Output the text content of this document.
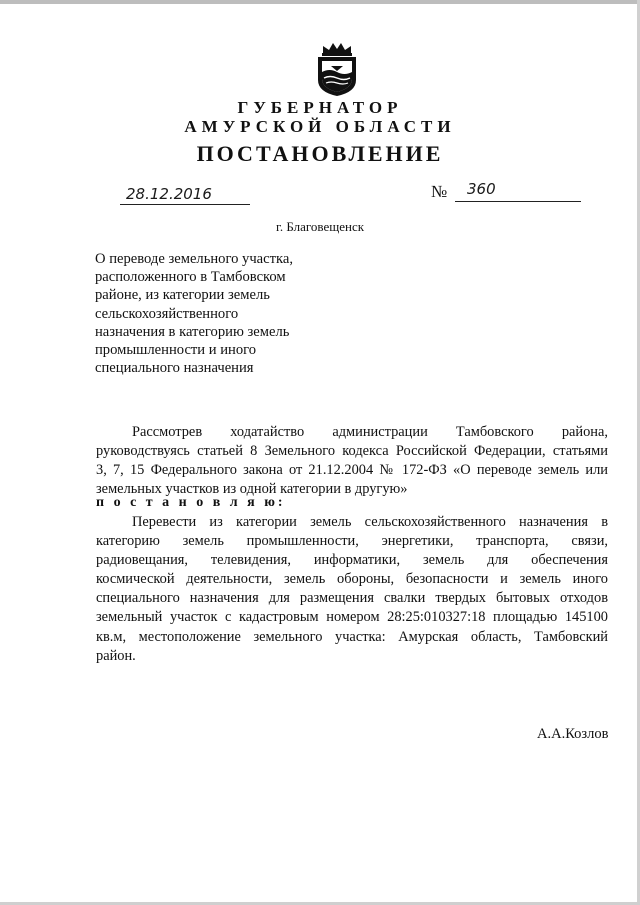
ГУБЕРНАТОР
АМУРСКОЙ ОБЛАСТИ
ПОСТАНОВЛЕНИЕ
28.12.2016	№ 360
г. Благовещенск
О переводе земельного участка,
расположенного в Тамбовском
районе, из категории земель
сельскохозяйственного
назначения в категорию земель
промышленности и иного
специального назначения
Рассмотрев ходатайство администрации Тамбовского района,
руководствуясь статьей 8 Земельного кодекса Российской Федерации, статьями
3, 7, 15 Федерального закона от 21.12.2004 № 172-ФЗ «О переводе земель или
земельных участков из одной категории в другую»
п о с т а н о в л я ю:
Перевести из категории земель сельскохозяйственного назначения в
категорию земель промышленности, энергетики, транспорта, связи,
радиовещания, телевидения, информатики, земель для обеспечения
космической деятельности, земель обороны, безопасности и земель иного
специального назначения для размещения свалки твердых бытовых отходов
земельный участок с кадастровым номером 28:25:010327:18 площадью 145100
кв.м, местоположение земельного участка: Амурская область, Тамбовский
район.
А.А.Козлов
